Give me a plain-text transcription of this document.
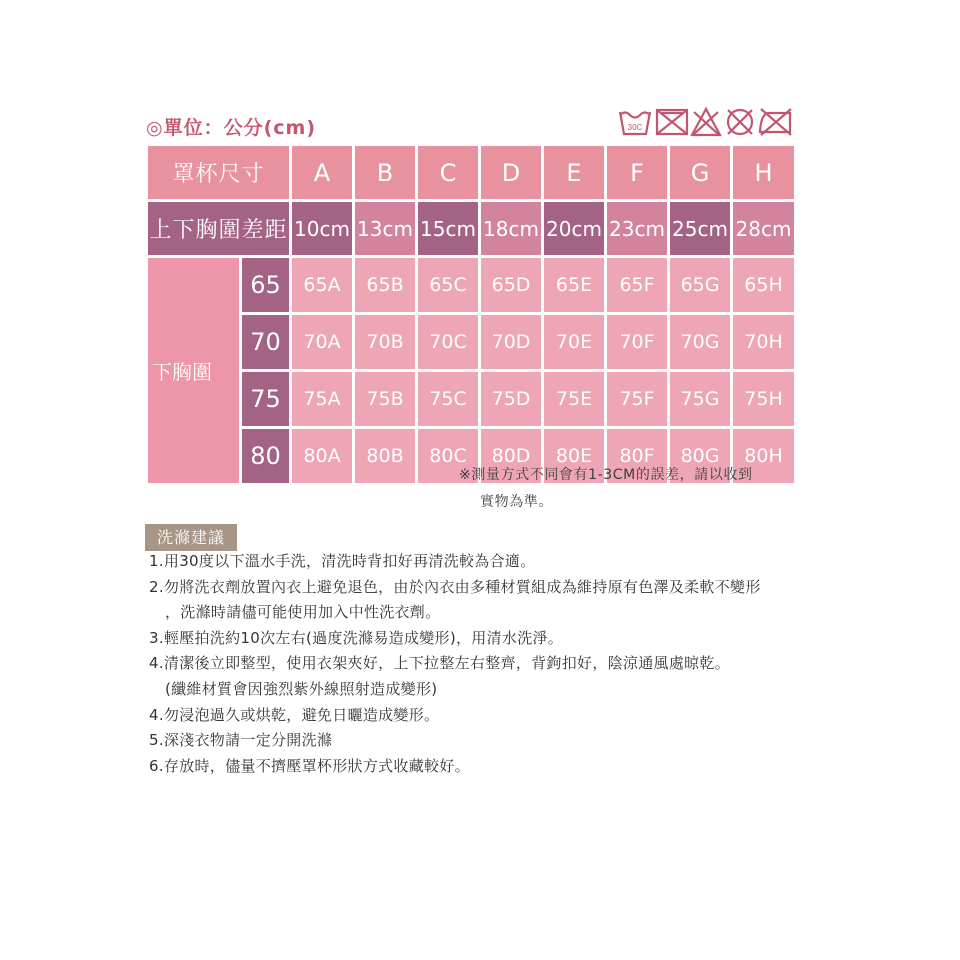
◎單位：公分(cm)	30C
罩杯尺寸		A	B	C	D	E	F	G	H
上下胸圍差距		10cm	13cm	15cm	18cm	20cm	23cm	25cm	28cm
下胸圍	65	65A	65B	65C	65D	65E	65F	65G	65H
	70	70A	70B	70C	70D	70E	70F	70G	70H
	75	75A	75B	75C	75D	75E	75F	75G	75H
	80	80A	80B	80C	80D	80E	80F	80G	80H
※測量方式不同會有1-3CM的誤差，請以收到
實物為準。
洗滌建議
1.用30度以下溫水手洗，清洗時背扣好再清洗較為合適。
2.勿將洗衣劑放置內衣上避免退色，由於內衣由多種材質組成為維持原有色澤及柔軟不變形
，洗滌時請儘可能使用加入中性洗衣劑。
3.輕壓拍洗約10次左右(過度洗滌易造成變形)，用清水洗淨。
4.清潔後立即整型，使用衣架夾好，上下拉整左右整齊，背鉤扣好，陰涼通風處晾乾。
(纖維材質會因強烈紫外線照射造成變形)
4.勿浸泡過久或烘乾，避免日曬造成變形。
5.深淺衣物請一定分開洗滌
6.存放時，儘量不擠壓罩杯形狀方式收藏較好。
